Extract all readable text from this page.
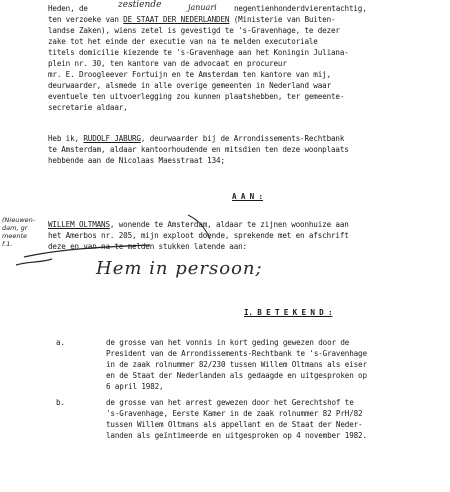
Heden, de	zestiende	januari negentienhonderdvierentachtig,
ten verzoeke van DE STAAT DER NEDERLANDEN (Ministerie van Buiten-
landse Zaken), wiens zetel is gevestigd te 's-Gravenhage, te dezer
zake tot het einde der executie van na te melden executoriale
titels domicilie kiezende te 's-Gravenhage aan het Koningin Juliana-
plein nr. 30, ten kantore van de advocaat en procureur
mr. E. Droogleever Fortuijn en te Amsterdam ten kantore van mij,
deurwaarder, alsmede in alle overige gemeenten in Nederland waar
eventuele ten uitvoerlegging zou kunnen plaatshebben, ter gemeente-
secretarie aldaar,
Heb ik, RUDOLF JABURG, deurwaarder bij de Arrondissements-Rechtbank
te Amsterdam, aldaar kantoorhoudende en mitsdien ten deze woonplaats
hebbende aan de Nicolaas Maesstraat 134;
A A N :
(Nieuwen-
dam, gr
meente
f.1.
WILLEM OLTMANS, wonende te Amsterdam, aldaar te zijnen woonhuize aan
het Amerbos nr. 205, mijn exploot doende, sprekende met en afschrift
deze en van na te melden stukken latende aan:
Hem in persoon;
I. B E T E K E N D :
a.	de grosse van het vonnis in kort geding gewezen door de
President van de Arrondissements-Rechtbank te 's-Gravenhage
in de zaak rolnummer 82/230 tussen Willem Oltmans als eiser
en de Staat der Nederlanden als gedaagde en uitgesproken op
6 april 1982,
b.	de grosse van het arrest gewezen door het Gerechtshof te
's-Gravenhage, Eerste Kamer in de zaak rolnummer 82 PrH/82
tussen Willem Oltmans als appellant en de Staat der Neder-
landen als geïntimeerde en uitgesproken op 4 november 1982.
